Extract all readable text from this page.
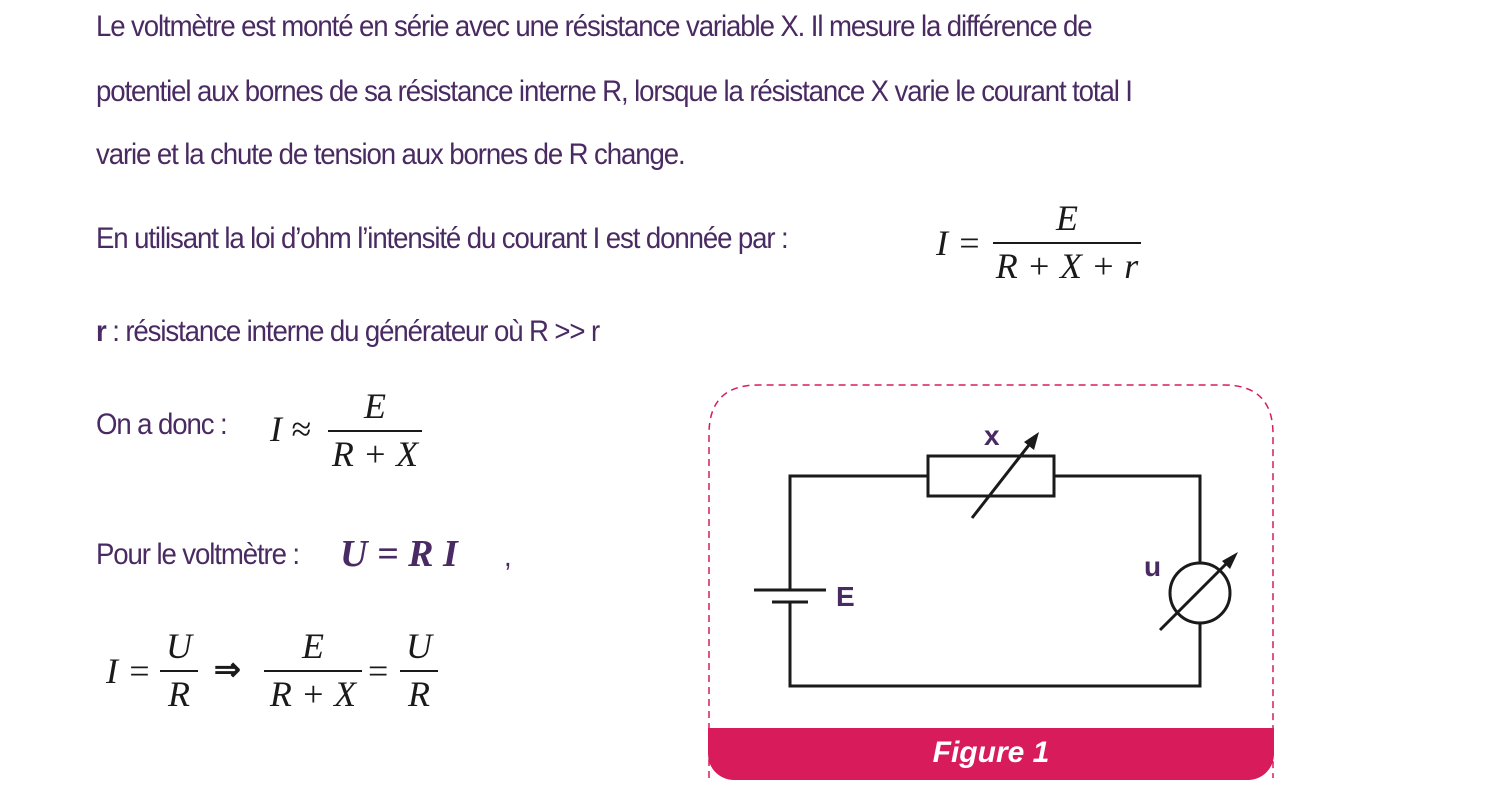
Le voltmètre est monté en série avec une résistance variable X. Il mesure la différence de
potentiel aux bornes de sa résistance interne R, lorsque la résistance X varie le courant total I
varie et la chute de tension aux bornes de R change.
En utilisant la loi d’ohm l’intensité du courant I est donnée par :	I =
E
R + X + r
r : résistance interne du générateur où R >> r
On a donc : I ≈
E
R + X
Pour le voltmètre : U = R I ,
I =
U
R
⇒
E
R + X
=
U
R
x
E
u
Figure 1
